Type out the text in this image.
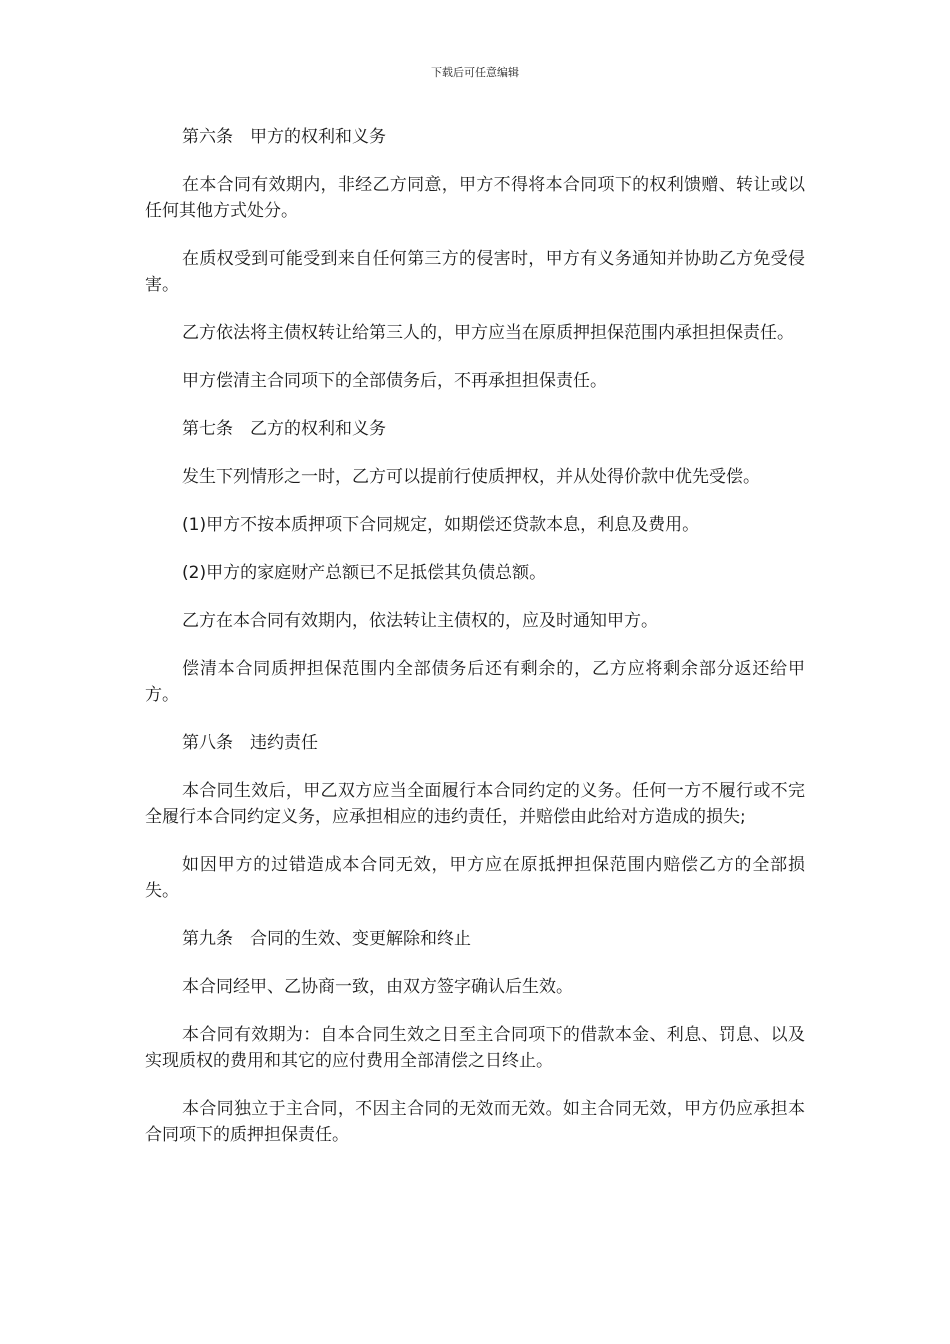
下载后可任意编辑

第六条　甲方的权利和义务

在本合同有效期内，非经乙方同意，甲方不得将本合同项下的权利馈赠、转让或以任何其他方式处分。

在质权受到可能受到来自任何第三方的侵害时，甲方有义务通知并协助乙方免受侵害。

乙方依法将主债权转让给第三人的，甲方应当在原质押担保范围内承担担保责任。

甲方偿清主合同项下的全部债务后，不再承担担保责任。

第七条　乙方的权利和义务

发生下列情形之一时，乙方可以提前行使质押权，并从处得价款中优先受偿。

(1)甲方不按本质押项下合同规定，如期偿还贷款本息，利息及费用。

(2)甲方的家庭财产总额已不足抵偿其负债总额。

乙方在本合同有效期内，依法转让主债权的，应及时通知甲方。

偿清本合同质押担保范围内全部债务后还有剩余的，乙方应将剩余部分返还给甲方。

第八条　违约责任

本合同生效后，甲乙双方应当全面履行本合同约定的义务。任何一方不履行或不完全履行本合同约定义务，应承担相应的违约责任，并赔偿由此给对方造成的损失;

如因甲方的过错造成本合同无效，甲方应在原抵押担保范围内赔偿乙方的全部损失。

第九条　合同的生效、变更解除和终止

本合同经甲、乙协商一致，由双方签字确认后生效。

本合同有效期为：自本合同生效之日至主合同项下的借款本金、利息、罚息、以及实现质权的费用和其它的应付费用全部清偿之日终止。

本合同独立于主合同，不因主合同的无效而无效。如主合同无效，甲方仍应承担本合同项下的质押担保责任。
